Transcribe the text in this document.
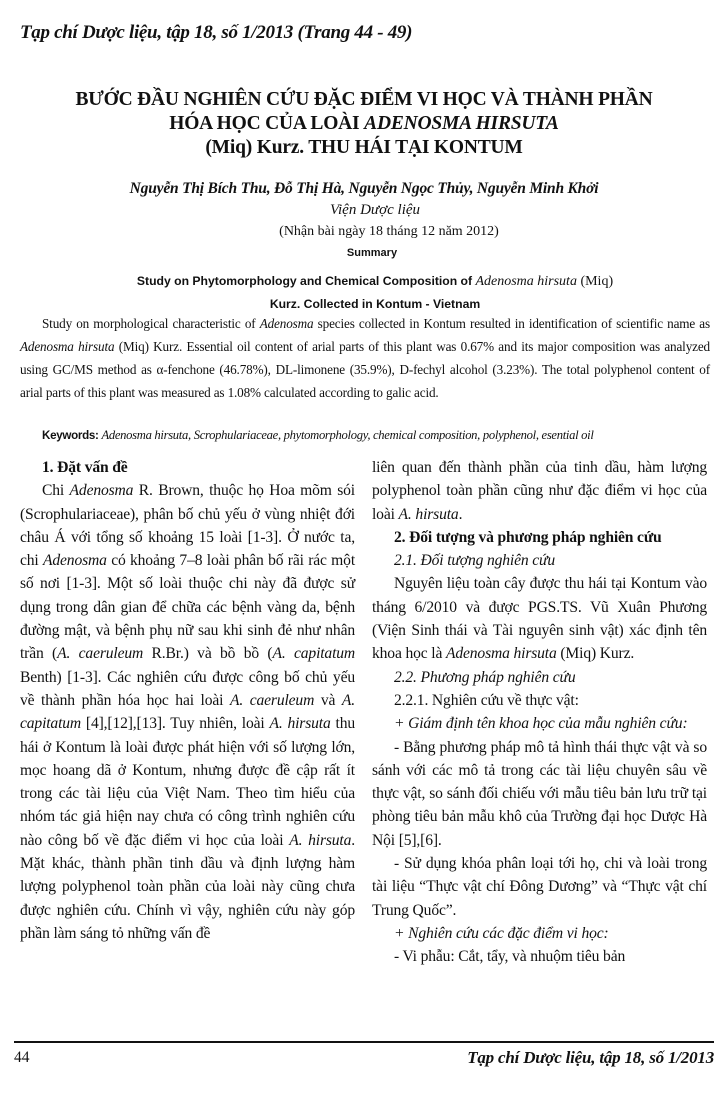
Tạp chí Dược liệu, tập 18, số 1/2013 (Trang 44 - 49)
BƯỚC ĐẦU NGHIÊN CỨU ĐẶC ĐIỂM VI HỌC VÀ THÀNH PHẦN
HÓA HỌC CỦA LOÀI ADENOSMA HIRSUTA
(Miq) Kurz. THU HÁI TẠI KONTUM
Nguyễn Thị Bích Thu, Đỗ Thị Hà, Nguyễn Ngọc Thủy, Nguyễn Minh Khởi
Viện Dược liệu
(Nhận bài ngày 18 tháng 12 năm 2012)
Summary
Study on Phytomorphology and Chemical Composition of Adenosma hirsuta (Miq)
Kurz. Collected in Kontum - Vietnam

Study on morphological characteristic of Adenosma species collected in Kontum resulted in identification of scientific name as Adenosma hirsuta (Miq) Kurz. Essential oil content of arial parts of this plant was 0.67% and its major composition was analyzed using GC/MS method as α-fenchone (46.78%), DL-limonene (35.9%), D-fechyl alcohol (3.23%). The total polyphenol content of arial parts of this plant was measured as 1.08% calculated according to galic acid.

Keywords: Adenosma hirsuta, Scrophulariaceae, phytomorphology, chemical composition, polyphenol, esential oil

1. Đặt vấn đề

Chi Adenosma R. Brown, thuộc họ Hoa mõm sói (Scrophulariaceae), phân bố chủ yếu ở vùng nhiệt đới châu Á với tổng số khoảng 15 loài [1-3]. Ở nước ta, chi Adenosma có khoảng 7–8 loài phân bố rãi rác một số nơi [1-3]. Một số loài thuộc chi này đã được sử dụng trong dân gian để chữa các bệnh vàng da, bệnh đường mật, và bệnh phụ nữ sau khi sinh đẻ như nhân trần (A. caeruleum R.Br.) và bồ bồ (A. capitatum Benth) [1-3]. Các nghiên cứu được công bố chủ yếu về thành phần hóa học hai loài A. caeruleum và A. capitatum [4],[12],[13]. Tuy nhiên, loài A. hirsuta thu hái ở Kontum là loài được phát hiện với số lượng lớn, mọc hoang dã ở Kontum, nhưng được đề cập rất ít trong các tài liệu của Việt Nam. Theo tìm hiểu của nhóm tác giả hiện nay chưa có công trình nghiên cứu nào công bố về đặc điểm vi học của loài A. hirsuta. Mặt khác, thành phần tinh dầu và định lượng hàm lượng polyphenol toàn phần của loài này cũng chưa được nghiên cứu. Chính vì vậy, nghiên cứu này góp phần làm sáng tỏ những vấn đề

liên quan đến thành phần của tinh dầu, hàm lượng polyphenol toàn phần cũng như đặc điểm vi học của loài A. hirsuta.

2. Đối tượng và phương pháp nghiên cứu

2.1. Đối tượng nghiên cứu

Nguyên liệu toàn cây được thu hái tại Kontum vào tháng 6/2010 và được PGS.TS. Vũ Xuân Phương (Viện Sinh thái và Tài nguyên sinh vật) xác định tên khoa học là Adenosma hirsuta (Miq) Kurz.

2.2. Phương pháp nghiên cứu

2.2.1. Nghiên cứu về thực vật:

+ Giám định tên khoa học của mẫu nghiên cứu:

- Bằng phương pháp mô tả hình thái thực vật và so sánh với các mô tả trong các tài liệu chuyên sâu về thực vật, so sánh đối chiếu với mẫu tiêu bản lưu trữ tại phòng tiêu bản mẫu khô của Trường đại học Dược Hà Nội [5],[6].

- Sử dụng khóa phân loại tới họ, chi và loài trong tài liệu “Thực vật chí Đông Dương” và “Thực vật chí Trung Quốc”.

+ Nghiên cứu các đặc điểm vi học:

- Vi phẫu: Cắt, tẩy, và nhuộm tiêu bản

44	Tạp chí Dược liệu, tập 18, số 1/2013
